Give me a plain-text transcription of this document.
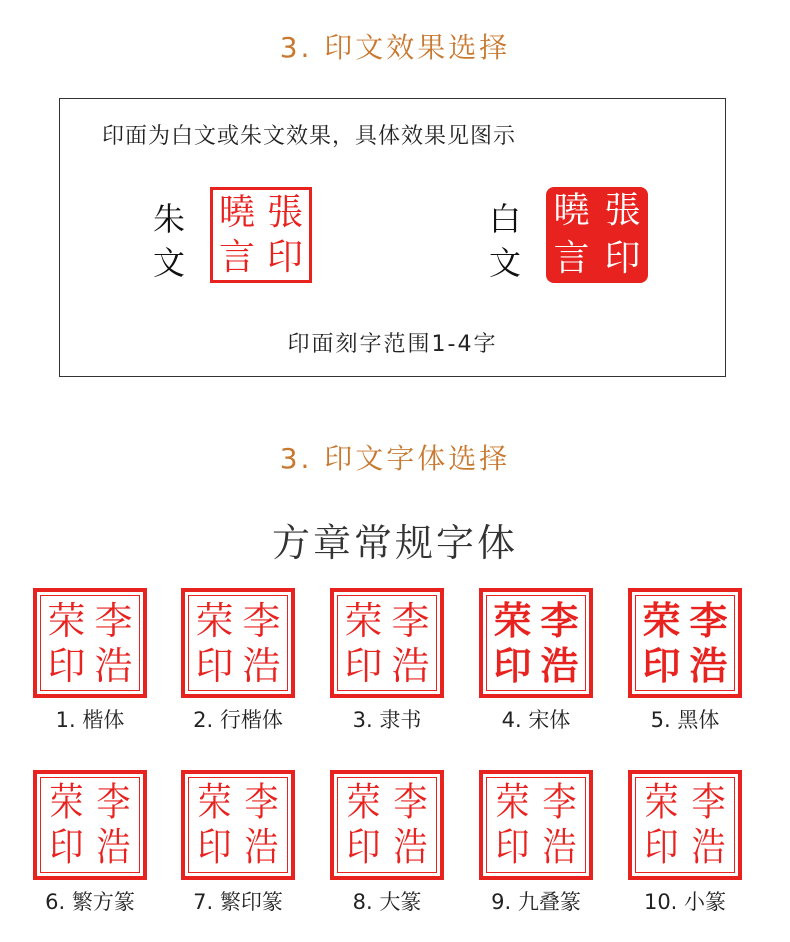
3. 印文效果选择
印面为白文或朱文效果，具体效果见图示
朱
文
張
曉
印
言
白
文
張
曉
印
言
印面刻字范围1-4字
3. 印文字体选择
方章常规字体
李
荣
浩
印
1. 楷体
李
荣
浩
印
2. 行楷体
李
荣
浩
印
3. 隶书
李
荣
浩
印
4. 宋体
李
荣
浩
印
5. 黑体
李
荣
浩
印
6. 繁方篆
李
荣
浩
印
7. 繁印篆
李
荣
浩
印
8. 大篆
李
荣
浩
印
9. 九叠篆
李
荣
浩
印
10. 小篆
